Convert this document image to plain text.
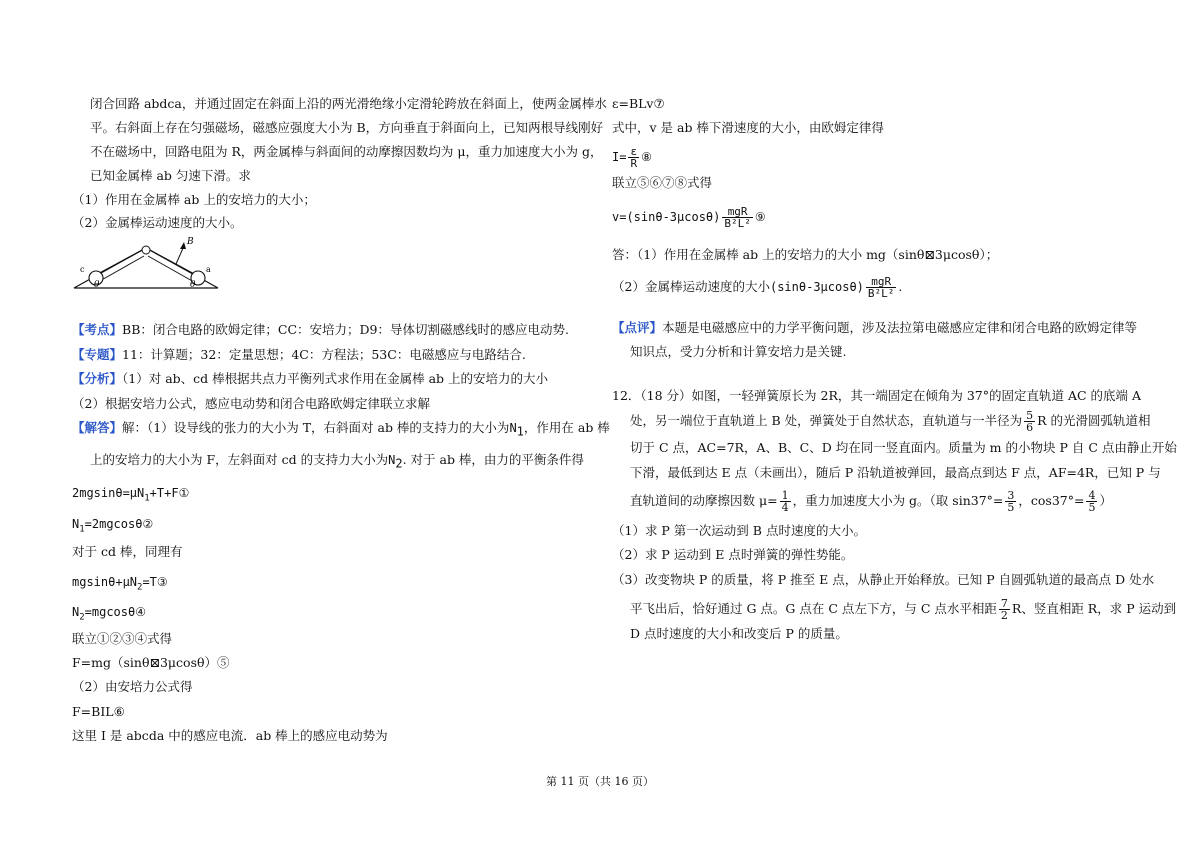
闭合回路 abdca，并通过固定在斜面上沿的两光滑绝缘小定滑轮跨放在斜面上，使两金属棒水
平。右斜面上存在匀强磁场，磁感应强度大小为 B，方向垂直于斜面向上，已知两根导线刚好
不在磁场中，回路电阻为 R，两金属棒与斜面间的动摩擦因数均为 μ，重力加速度大小为 g，
已知金属棒 ab 匀速下滑。求
（1）作用在金属棒 ab 上的安培力的大小；
（2）金属棒运动速度的大小。
B
c	a
θ	θ
【考点】BB：闭合电路的欧姆定律；CC：安培力；D9：导体切割磁感线时的感应电动势.
【专题】11：计算题；32：定量思想；4C：方程法；53C：电磁感应与电路结合.
【分析】（1）对 ab、cd 棒根据共点力平衡列式求作用在金属棒 ab 上的安培力的大小
（2）根据安培力公式，感应电动势和闭合电路欧姆定律联立求解
【解答】解：（1）设导线的张力的大小为 T，右斜面对 ab 棒的支持力的大小为$N_1$，作用在 ab 棒
上的安培力的大小为 F，左斜面对 cd 的支持力大小为$N_2$. 对于 ab 棒，由力的平衡条件得
$2mgsin\theta=\mu N_1+T+F①$
$N_1=2mgcos\theta ②$
对于 cd 棒，同理有
$mgsin\theta+\mu N_2=T③$
$N_2=mgcos\theta ④$
联立①②③④式得
F=mg（sinθ⊠3μcosθ）⑤
（2）由安培力公式得
F=BIL⑥
这里 I 是 abcda 中的感应电流．ab 棒上的感应电动势为
ε=BLv⑦
式中，v 是 ab 棒下滑速度的大小，由欧姆定律得
$I= \frac{\varepsilon}{R}$ ⑧
联立⑤⑥⑦⑧式得
$v=(\sin\theta-3\mu\cos\theta) \frac{\text{mgR}}{\text{B²L²}}$ ⑨
答：（1）作用在金属棒 ab 上的安培力的大小 mg（sinθ⊠3μcosθ）；
（2）金属棒运动速度的大小$(\sin\theta-3\mu\cos\theta) \frac{\text{mgR}}{\text{B²L²}}$ .
【点评】本题是电磁感应中的力学平衡问题，涉及法拉第电磁感应定律和闭合电路的欧姆定律等
知识点，受力分析和计算安培力是关键.
12．（18 分）如图，一轻弹簧原长为 2R，其一端固定在倾角为 37°的固定直轨道 AC 的底端 A
处，另一端位于直轨道上 B 处，弹簧处于自然状态，直轨道与一半径为 $\frac{5}{6}$ R 的光滑圆弧轨道相
切于 C 点，AC=7R，A、B、C、D 均在同一竖直面内。质量为 m 的小物块 P 自 C 点由静止开始
下滑，最低到达 E 点（未画出），随后 P 沿轨道被弹回，最高点到达 F 点，AF=4R，已知 P 与
直轨道间的动摩擦因数 $\mu= \frac{1}{4}$ ，重力加速度大小为 g。（取 $\sin 37^\circ= \frac{3}{5}$ ，$\cos 37^\circ= \frac{4}{5}$ ）
（1）求 P 第一次运动到 B 点时速度的大小。
（2）求 P 运动到 E 点时弹簧的弹性势能。
（3）改变物块 P 的质量，将 P 推至 E 点，从静止开始释放。已知 P 自圆弧轨道的最高点 D 处水
平飞出后，恰好通过 G 点。G 点在 C 点左下方，与 C 点水平相距 $\frac{7}{2}$ R、竖直相距 R，求 P 运动到
D 点时速度的大小和改变后 P 的质量。
第 11 页（共 16 页）
